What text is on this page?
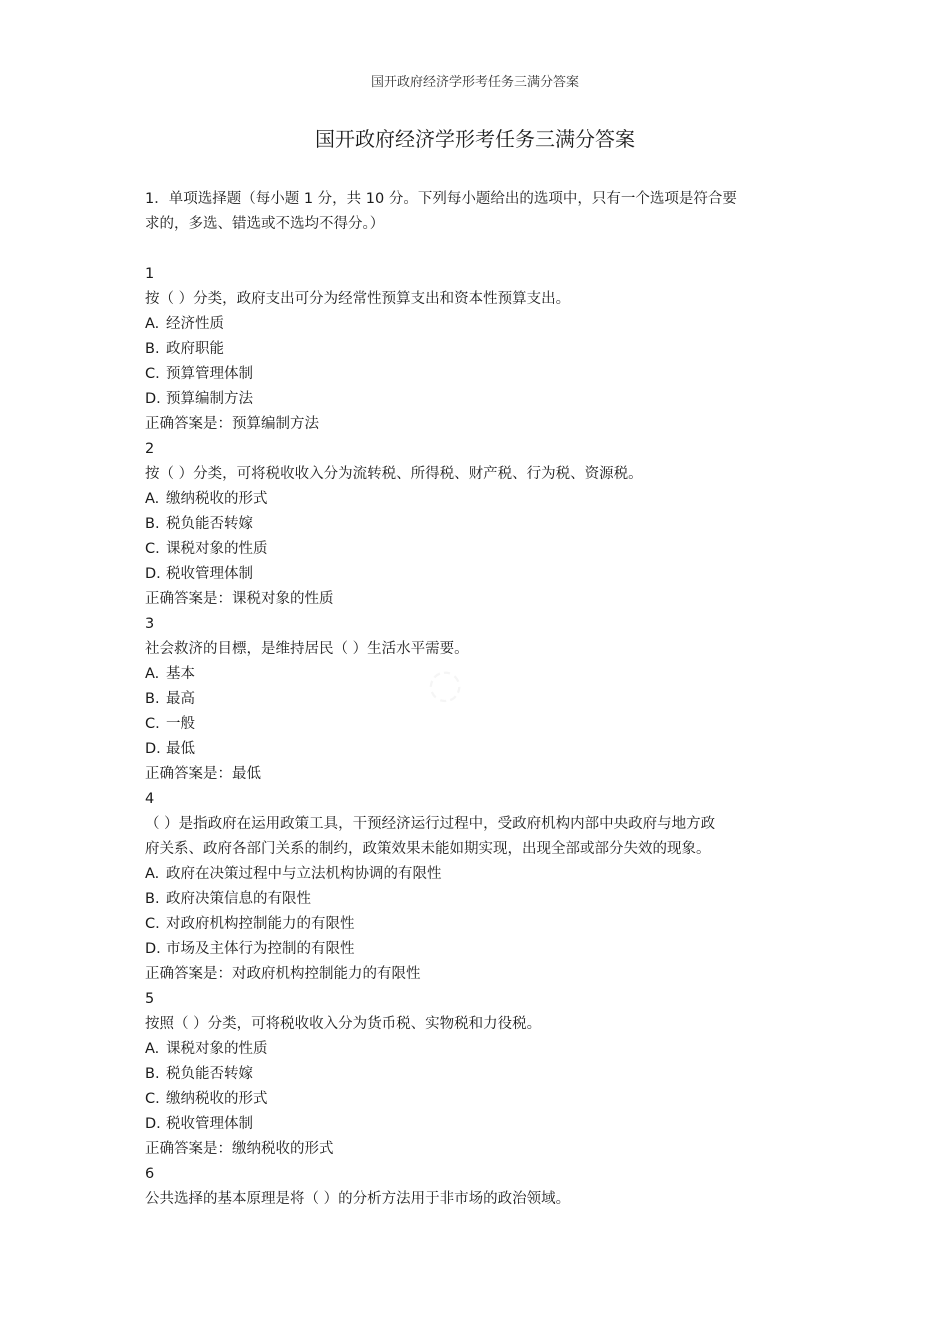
国开政府经济学形考任务三满分答案
国开政府经济学形考任务三满分答案
◌
1．单项选择题（每小题 1 分，共 10 分。下列每小题给出的选项中，只有一个选项是符合要
求的，多选、错选或不选均不得分。）
1
按（ ）分类，政府支出可分为经常性预算支出和资本性预算支出。
A. 经济性质
B. 政府职能
C. 预算管理体制
D. 预算编制方法
正确答案是：预算编制方法
2
按（ ）分类，可将税收收入分为流转税、所得税、财产税、行为税、资源税。
A. 缴纳税收的形式
B. 税负能否转嫁
C. 课税对象的性质
D. 税收管理体制
正确答案是：课税对象的性质
3
社会救济的目標，是维持居民（ ）生活水平需要。
A. 基本
B. 最高
C. 一般
D. 最低
正确答案是：最低
4
（ ）是指政府在运用政策工具，干预经济运行过程中，受政府机构内部中央政府与地方政
府关系、政府各部门关系的制约，政策效果未能如期实现，出现全部或部分失效的现象。
A. 政府在决策过程中与立法机构协调的有限性
B. 政府决策信息的有限性
C. 对政府机构控制能力的有限性
D. 市场及主体行为控制的有限性
正确答案是：对政府机构控制能力的有限性
5
按照（ ）分类，可将税收收入分为货币税、实物税和力役税。
A. 课税对象的性质
B. 税负能否转嫁
C. 缴纳税收的形式
D. 税收管理体制
正确答案是：缴纳税收的形式
6
公共选择的基本原理是将（ ）的分析方法用于非市场的政治领域。
